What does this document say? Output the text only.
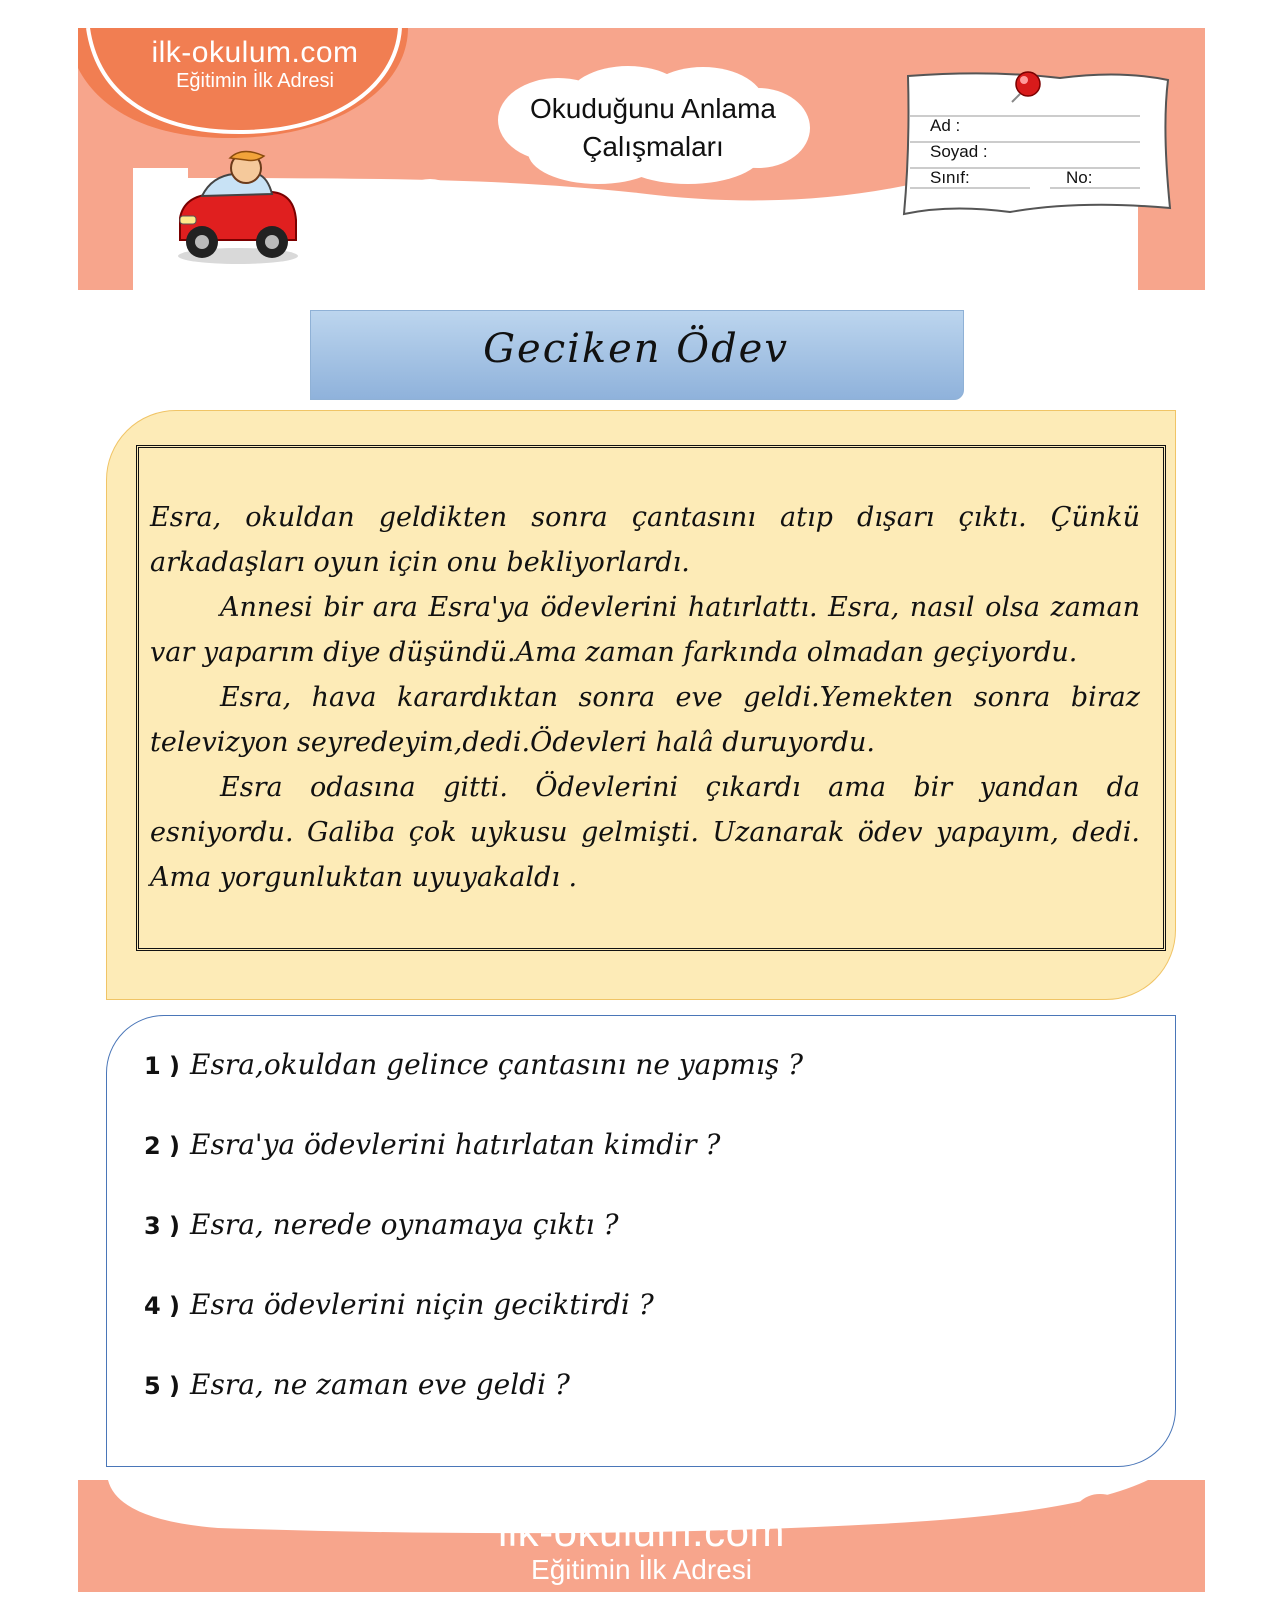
ilk-okulum.com
Eğitimin İlk Adresi
Okuduğunu Anlama
Çalışmaları
Ad :
Soyad :
Sınıf:	No:
Geciken Ödev

Esra, okuldan geldikten sonra çantasını atıp dışarı çıktı. Çünkü arkadaşları oyun için onu bekliyorlardı.

Annesi bir ara Esra'ya ödevlerini hatırlattı. Esra, nasıl olsa zaman var yaparım diye düşündü.Ama zaman farkında olmadan geçiyordu.

Esra, hava karardıktan sonra eve geldi.Yemekten sonra biraz televizyon seyredeyim,dedi.Ödevleri halâ duruyordu.

Esra odasına gitti. Ödevlerini çıkardı ama bir yandan da esniyordu. Galiba çok uykusu gelmişti. Uzanarak ödev yapayım, dedi. Ama yorgunluktan uyuyakaldı .

1 ) Esra,okuldan gelince çantasını ne yapmış ?
2 ) Esra'ya ödevlerini hatırlatan kimdir ?
3 ) Esra, nerede oynamaya çıktı ?
4 ) Esra ödevlerini niçin geciktirdi ?
5 ) Esra, ne zaman eve geldi ?
ilk-okulum.com
Eğitimin İlk Adresi
